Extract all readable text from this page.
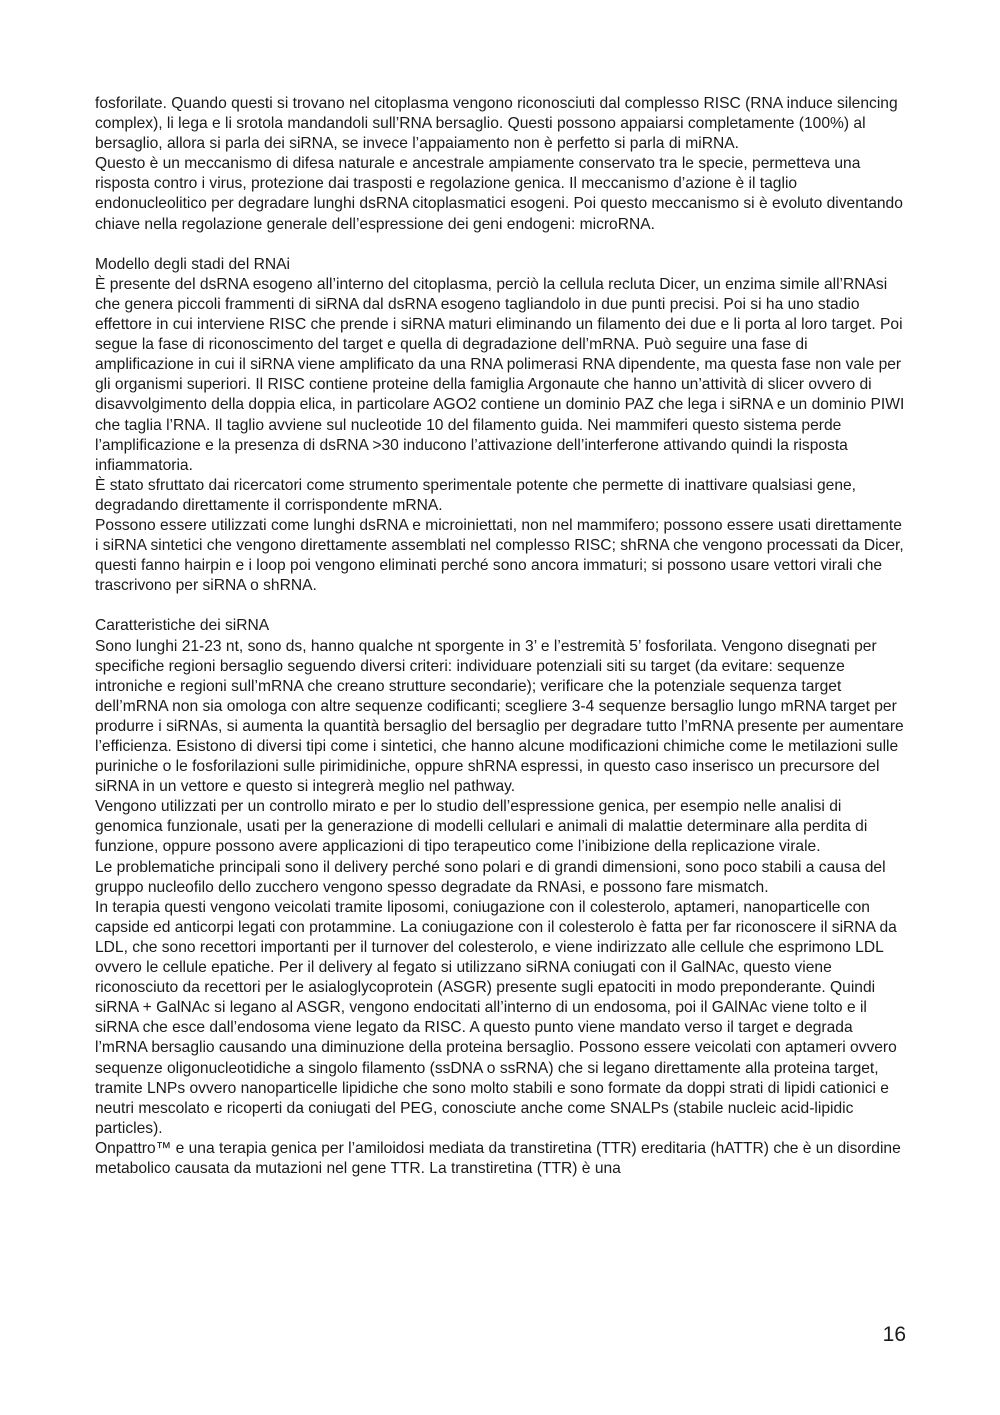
fosforilate. Quando questi si trovano nel citoplasma vengono riconosciuti dal complesso RISC (RNA induce silencing complex), li lega e li srotola mandandoli sull’RNA bersaglio. Questi possono appaiarsi completamente (100%) al bersaglio, allora si parla dei siRNA, se invece l’appaiamento non è perfetto si parla di miRNA.

Questo è un meccanismo di difesa naturale e ancestrale ampiamente conservato tra le specie, permetteva una risposta contro i virus, protezione dai trasposti e regolazione genica. Il meccanismo d’azione è il taglio endonucleolitico per degradare lunghi dsRNA citoplasmatici esogeni. Poi questo meccanismo si è evoluto diventando chiave nella regolazione generale dell’espressione dei geni endogeni: microRNA.

Modello degli stadi del RNAi

È presente del dsRNA esogeno all’interno del citoplasma, perciò la cellula recluta Dicer, un enzima simile all’RNAsi che genera piccoli frammenti di siRNA dal dsRNA esogeno tagliandolo in due punti precisi. Poi si ha uno stadio effettore in cui interviene RISC che prende i siRNA maturi eliminando un filamento dei due e li porta al loro target. Poi segue la fase di riconoscimento del target e quella di degradazione dell’mRNA. Può seguire una fase di amplificazione in cui il siRNA viene amplificato da una RNA polimerasi RNA dipendente, ma questa fase non vale per gli organismi superiori. Il RISC contiene proteine della famiglia Argonaute che hanno un’attività di slicer ovvero di disavvolgimento della doppia elica, in particolare AGO2 contiene un dominio PAZ che lega i siRNA e un dominio PIWI che taglia l’RNA. Il taglio avviene sul nucleotide 10 del filamento guida. Nei mammiferi questo sistema perde l’amplificazione e la presenza di dsRNA >30 inducono l’attivazione dell’interferone attivando quindi la risposta infiammatoria.

È stato sfruttato dai ricercatori come strumento sperimentale potente che permette di inattivare qualsiasi gene, degradando direttamente il corrispondente mRNA.

Possono essere utilizzati come lunghi dsRNA e microiniettati, non nel mammifero; possono essere usati direttamente i siRNA sintetici che vengono direttamente assemblati nel complesso RISC; shRNA che vengono processati da Dicer, questi fanno hairpin e i loop poi vengono eliminati perché sono ancora immaturi; si possono usare vettori virali che trascrivono per siRNA o shRNA.

Caratteristiche dei siRNA

Sono lunghi 21-23 nt, sono ds, hanno qualche nt sporgente in 3’ e l’estremità 5’ fosforilata. Vengono disegnati per specifiche regioni bersaglio seguendo diversi criteri: individuare potenziali siti su target (da evitare: sequenze introniche e regioni sull’mRNA che creano strutture secondarie); verificare che la potenziale sequenza target dell’mRNA non sia omologa con altre sequenze codificanti; scegliere 3-4 sequenze bersaglio lungo mRNA target per produrre i siRNAs, si aumenta la quantità bersaglio del bersaglio per degradare tutto l’mRNA presente per aumentare l’efficienza. Esistono di diversi tipi come i sintetici, che hanno alcune modificazioni chimiche come le metilazioni sulle puriniche o le fosforilazioni sulle pirimidiniche, oppure shRNA espressi, in questo caso inserisco un precursore del siRNA in un vettore e questo si integrerà meglio nel pathway.

Vengono utilizzati per un controllo mirato e per lo studio dell’espressione genica, per esempio nelle analisi di genomica funzionale, usati per la generazione di modelli cellulari e animali di malattie determinare alla perdita di funzione, oppure possono avere applicazioni di tipo terapeutico come l’inibizione della replicazione virale.

Le problematiche principali sono il delivery perché sono polari e di grandi dimensioni, sono poco stabili a causa del gruppo nucleofilo dello zucchero vengono spesso degradate da RNAsi, e possono fare mismatch.

In terapia questi vengono veicolati tramite liposomi, coniugazione con il colesterolo, aptameri, nanoparticelle con capside ed anticorpi legati con protammine. La coniugazione con il colesterolo è fatta per far riconoscere il siRNA da LDL, che sono recettori importanti per il turnover del colesterolo, e viene indirizzato alle cellule che esprimono LDL ovvero le cellule epatiche. Per il delivery al fegato si utilizzano siRNA coniugati con il GalNAc, questo viene riconosciuto da recettori per le asialoglycoprotein (ASGR) presente sugli epatociti in modo preponderante. Quindi siRNA + GalNAc si legano al ASGR, vengono endocitati all’interno di un endosoma, poi il GAlNAc viene tolto e il siRNA che esce dall’endosoma viene legato da RISC. A questo punto viene mandato verso il target e degrada l’mRNA bersaglio causando una diminuzione della proteina bersaglio. Possono essere veicolati con aptameri ovvero sequenze oligonucleotidiche a singolo filamento (ssDNA o ssRNA) che si legano direttamente alla proteina target, tramite LNPs ovvero nanoparticelle lipidiche che sono molto stabili e sono formate da doppi strati di lipidi cationici e neutri mescolato e ricoperti da coniugati del PEG, conosciute anche come SNALPs (stabile nucleic acid-lipidic particles).

Onpattro™ e una terapia genica per l’amiloidosi mediata da transtiretina (TTR) ereditaria (hATTR) che è un disordine metabolico causata da mutazioni nel gene TTR. La transtiretina (TTR) è una

16
